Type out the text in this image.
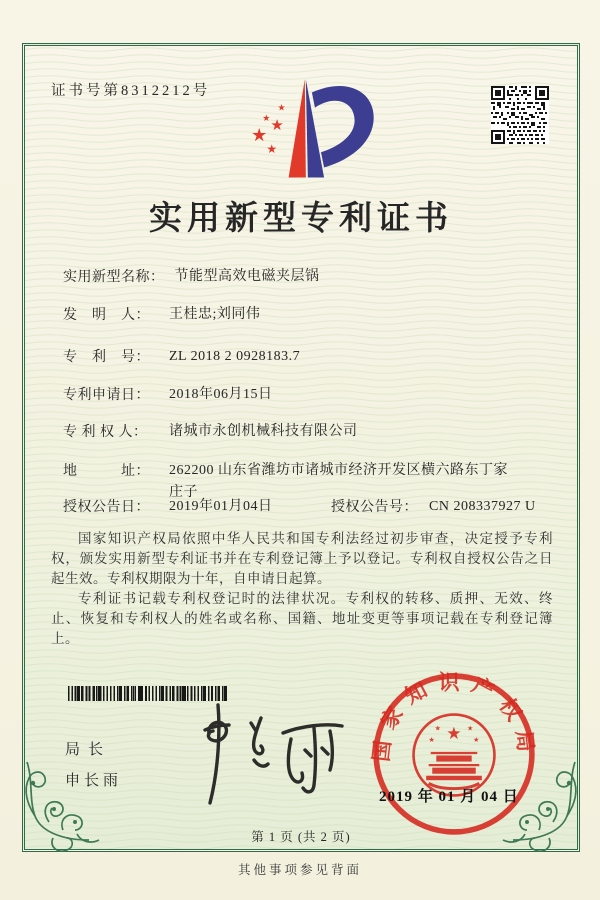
证书号第8312212号
★ ★
★
★
★
实用新型专利证书
实用新型名称： 节能型高效电磁夹层锅
发　明　人： 王桂忠;刘同伟
专　利　号： ZL 2018 2 0928183.7
专利申请日： 2018年06月15日
专 利 权 人： 诸城市永创机械科技有限公司
地　　　址： 262200 山东省潍坊市诸城市经济开发区横六路东丁家庄子
授权公告日： 2019年01月04日	授权公告号： CN 208337927 U

国家知识产权局依照中华人民共和国专利法经过初步审查，决定授予专利权，颁发实用新型专利证书并在专利登记簿上予以登记。专利权自授权公告之日起生效。专利权期限为十年，自申请日起算。

专利证书记载专利权登记时的法律状况。专利权的转移、质押、无效、终止、恢复和专利权人的姓名或名称、国籍、地址变更等事项记载在专利登记簿上。

局长
申长雨
国家知识产权局
★
★	★
★	★
2019 年 01 月 04 日
第 1 页 (共 2 页)
其他事项参见背面
